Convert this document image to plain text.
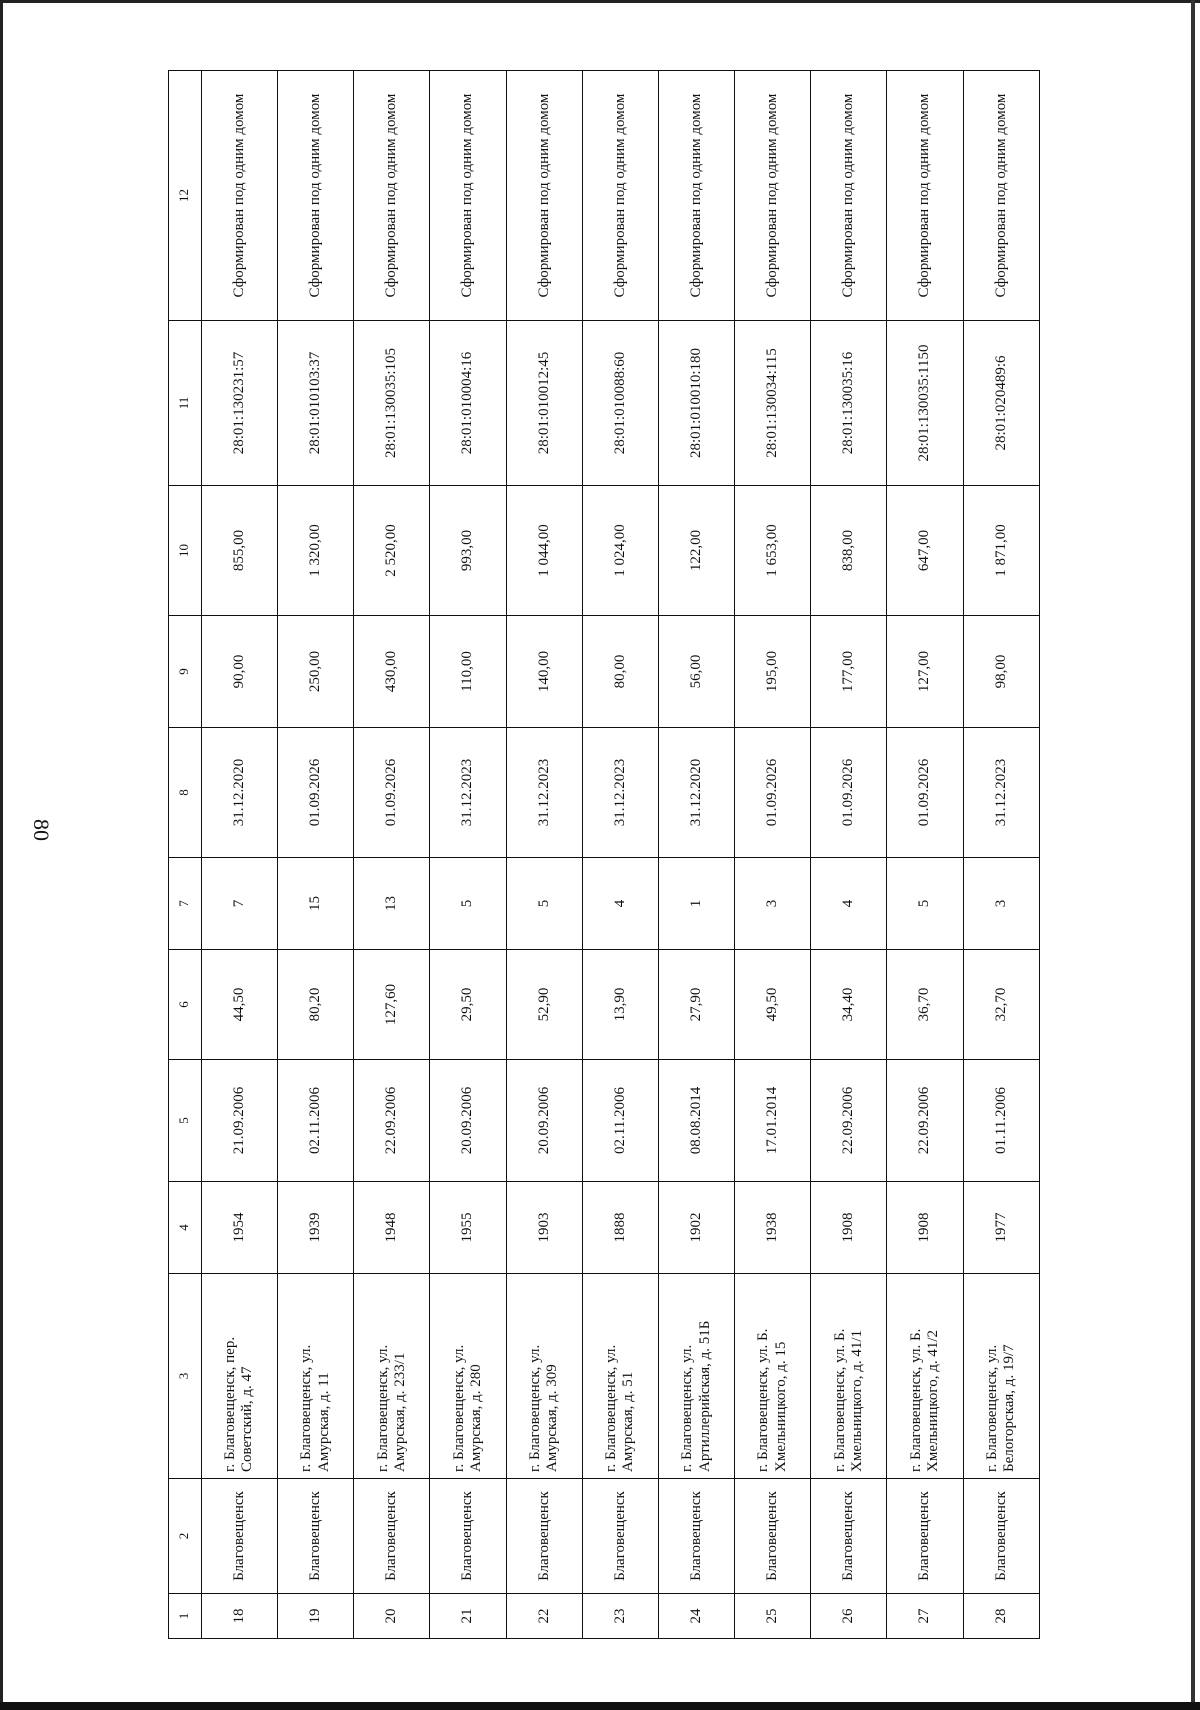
80
1	2	3	4	5	6	7	8	9	10	11	12
18	Благовещенск	г. Благовещенск, пер. Советский, д. 47	1954	21.09.2006	44,50	7	31.12.2020	90,00	855,00	28:01:130231:57	Сформирован под одним домом
19	Благовещенск	г. Благовещенск, ул. Амурская, д. 11	1939	02.11.2006	80,20	15	01.09.2026	250,00	1 320,00	28:01:010103:37	Сформирован под одним домом
20	Благовещенск	г. Благовещенск, ул. Амурская, д. 233/1	1948	22.09.2006	127,60	13	01.09.2026	430,00	2 520,00	28:01:130035:105	Сформирован под одним домом
21	Благовещенск	г. Благовещенск, ул. Амурская, д. 280	1955	20.09.2006	29,50	5	31.12.2023	110,00	993,00	28:01:010004:16	Сформирован под одним домом
22	Благовещенск	г. Благовещенск, ул. Амурская, д. 309	1903	20.09.2006	52,90	5	31.12.2023	140,00	1 044,00	28:01:010012:45	Сформирован под одним домом
23	Благовещенск	г. Благовещенск, ул. Амурская, д. 51	1888	02.11.2006	13,90	4	31.12.2023	80,00	1 024,00	28:01:010088:60	Сформирован под одним домом
24	Благовещенск	г. Благовещенск, ул. Артиллерийская, д. 51Б	1902	08.08.2014	27,90	1	31.12.2020	56,00	122,00	28:01:010010:180	Сформирован под одним домом
25	Благовещенск	г. Благовещенск, ул. Б. Хмельницкого, д. 15	1938	17.01.2014	49,50	3	01.09.2026	195,00	1 653,00	28:01:130034:115	Сформирован под одним домом
26	Благовещенск	г. Благовещенск, ул. Б. Хмельницкого, д. 41/1	1908	22.09.2006	34,40	4	01.09.2026	177,00	838,00	28:01:130035:16	Сформирован под одним домом
27	Благовещенск	г. Благовещенск, ул. Б. Хмельницкого, д. 41/2	1908	22.09.2006	36,70	5	01.09.2026	127,00	647,00	28:01:130035:1150	Сформирован под одним домом
28	Благовещенск	г. Благовещенск, ул. Белогорская, д. 19/7	1977	01.11.2006	32,70	3	31.12.2023	98,00	1 871,00	28:01:020489:6	Сформирован под одним домом
